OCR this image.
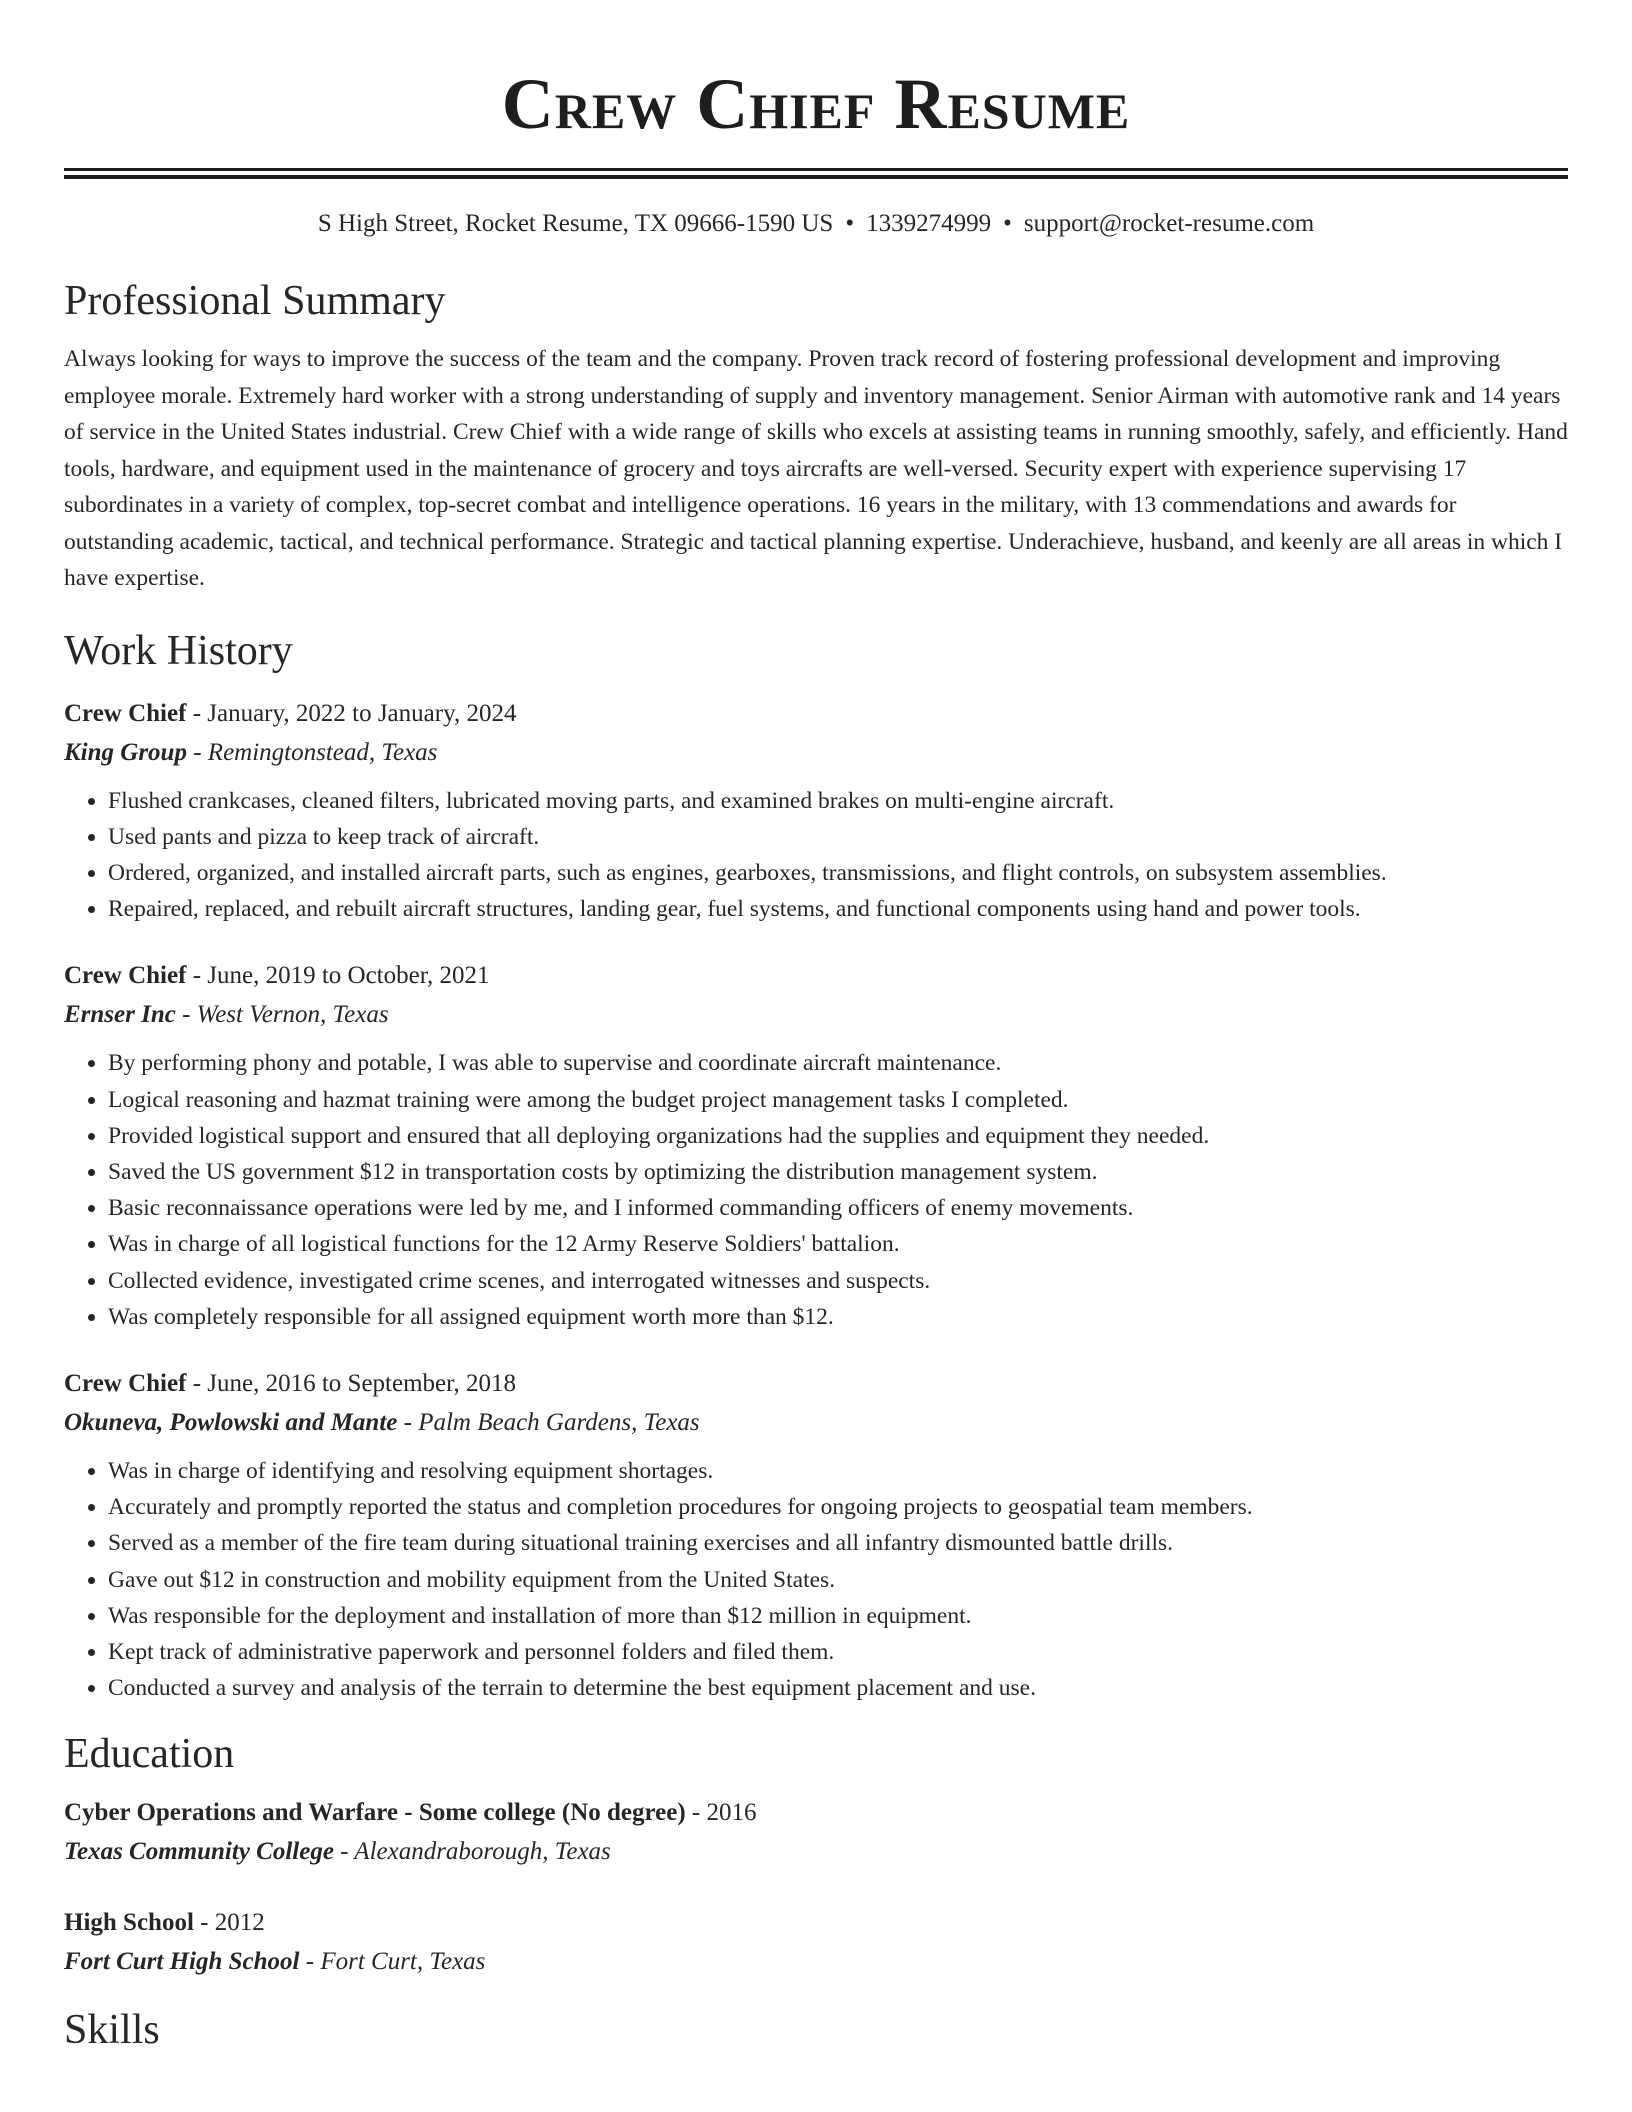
Crew Chief Resume
S High Street, Rocket Resume, TX 09666-1590 US • 1339274999 • support@rocket-resume.com
Professional Summary
Always looking for ways to improve the success of the team and the company. Proven track record of fostering professional development and improving employee morale. Extremely hard worker with a strong understanding of supply and inventory management. Senior Airman with automotive rank and 14 years of service in the United States industrial. Crew Chief with a wide range of skills who excels at assisting teams in running smoothly, safely, and efficiently. Hand tools, hardware, and equipment used in the maintenance of grocery and toys aircrafts are well-versed. Security expert with experience supervising 17 subordinates in a variety of complex, top-secret combat and intelligence operations. 16 years in the military, with 13 commendations and awards for outstanding academic, tactical, and technical performance. Strategic and tactical planning expertise. Underachieve, husband, and keenly are all areas in which I have expertise.
Work History
Crew Chief - January, 2022 to January, 2024
King Group - Remingtonstead, Texas
• Flushed crankcases, cleaned filters, lubricated moving parts, and examined brakes on multi-engine aircraft.
• Used pants and pizza to keep track of aircraft.
• Ordered, organized, and installed aircraft parts, such as engines, gearboxes, transmissions, and flight controls, on subsystem assemblies.
• Repaired, replaced, and rebuilt aircraft structures, landing gear, fuel systems, and functional components using hand and power tools.
Crew Chief - June, 2019 to October, 2021
Ernser Inc - West Vernon, Texas
• By performing phony and potable, I was able to supervise and coordinate aircraft maintenance.
• Logical reasoning and hazmat training were among the budget project management tasks I completed.
• Provided logistical support and ensured that all deploying organizations had the supplies and equipment they needed.
• Saved the US government $12 in transportation costs by optimizing the distribution management system.
• Basic reconnaissance operations were led by me, and I informed commanding officers of enemy movements.
• Was in charge of all logistical functions for the 12 Army Reserve Soldiers' battalion.
• Collected evidence, investigated crime scenes, and interrogated witnesses and suspects.
• Was completely responsible for all assigned equipment worth more than $12.
Crew Chief - June, 2016 to September, 2018
Okuneva, Powlowski and Mante - Palm Beach Gardens, Texas
• Was in charge of identifying and resolving equipment shortages.
• Accurately and promptly reported the status and completion procedures for ongoing projects to geospatial team members.
• Served as a member of the fire team during situational training exercises and all infantry dismounted battle drills.
• Gave out $12 in construction and mobility equipment from the United States.
• Was responsible for the deployment and installation of more than $12 million in equipment.
• Kept track of administrative paperwork and personnel folders and filed them.
• Conducted a survey and analysis of the terrain to determine the best equipment placement and use.
Education
Cyber Operations and Warfare - Some college (No degree) - 2016
Texas Community College - Alexandraborough, Texas
High School - 2012
Fort Curt High School - Fort Curt, Texas
Skills
